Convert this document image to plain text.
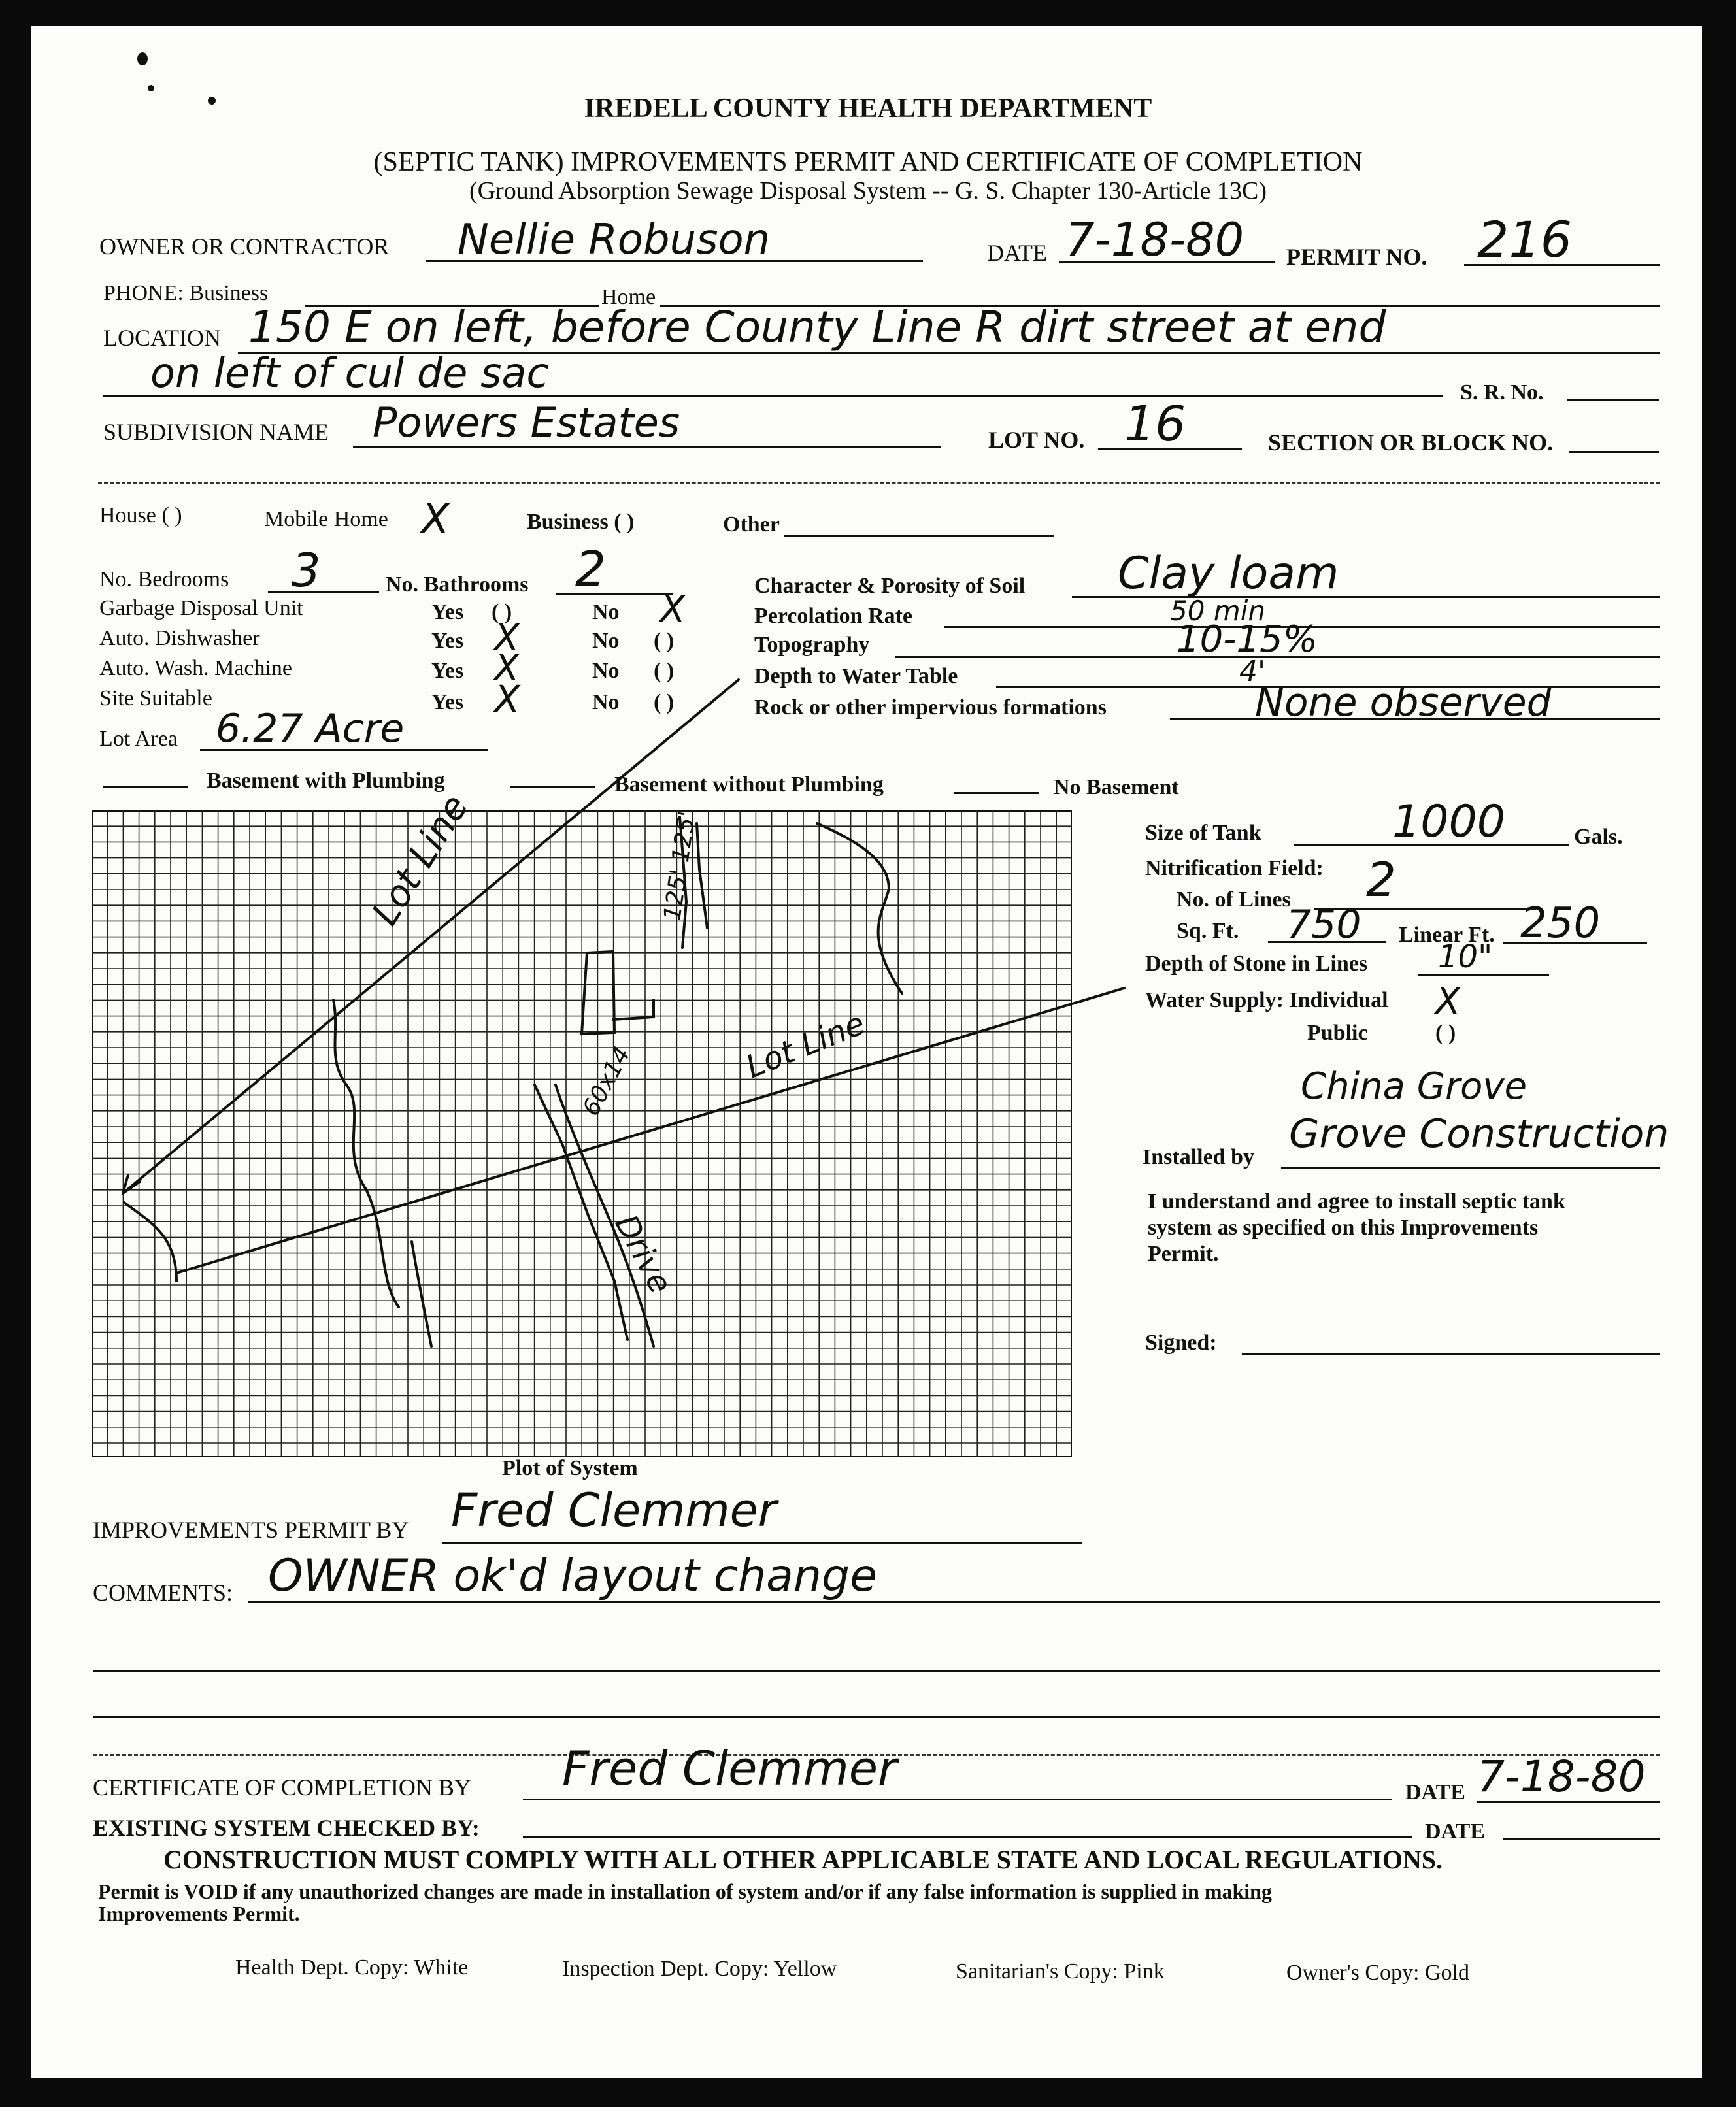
IREDELL COUNTY HEALTH DEPARTMENT
(SEPTIC TANK) IMPROVEMENTS PERMIT AND CERTIFICATE OF COMPLETION
(Ground Absorption Sewage Disposal System -- G. S. Chapter 130-Article 13C)
OWNER OR CONTRACTOR Nellie Robuson	DATE 7-18-80 PERMIT NO. 216
PHONE: Business	Home
LOCATION 150 E on left, before County Line R dirt street at end
on left of cul de sac	S. R. No.
SUBDIVISION NAME Powers Estates	LOT NO. 16	SECTION OR BLOCK NO.
House ( )	Mobile Home X	Business ( )	Other
No. Bedrooms 3	No. Bathrooms 2
Garbage Disposal Unit	Yes ( )	No X
Auto. Dishwasher	Yes X	No ( )
Auto. Wash. Machine	Yes X	No ( )
Site Suitable	Yes X	No ( )
Lot Area 6.27 Acre
Character & Porosity of Soil Clay loam
Percolation Rate	50 min
Topography	10-15%
Depth to Water Table	4'
Rock or other impervious formations	None observed
Basement with Plumbing	Basement without Plumbing	No Basement
Lot Line
Lot Line
60x14
Drive
125' 125'
Plot of System
Size of Tank	1000	Gals.
Nitrification Field:
No. of Lines 2
Sq. Ft. 750 Linear Ft. 250
Depth of Stone in Lines 10"
Water Supply: Individual X
Public	( )
China Grove
Installed by
Grove Construction
I understand and agree to install septic tank
system as specified on this Improvements
Permit.
Signed:
IMPROVEMENTS PERMIT BY Fred Clemmer
COMMENTS: OWNER ok'd layout change
CERTIFICATE OF COMPLETION BY Fred Clemmer	DATE 7-18-80
EXISTING SYSTEM CHECKED BY:	DATE
CONSTRUCTION MUST COMPLY WITH ALL OTHER APPLICABLE STATE AND LOCAL REGULATIONS.
Permit is VOID if any unauthorized changes are made in installation of system and/or if any false information is supplied in making
Improvements Permit.
Health Dept. Copy: White	Inspection Dept. Copy: Yellow	Sanitarian's Copy: Pink	Owner's Copy: Gold
